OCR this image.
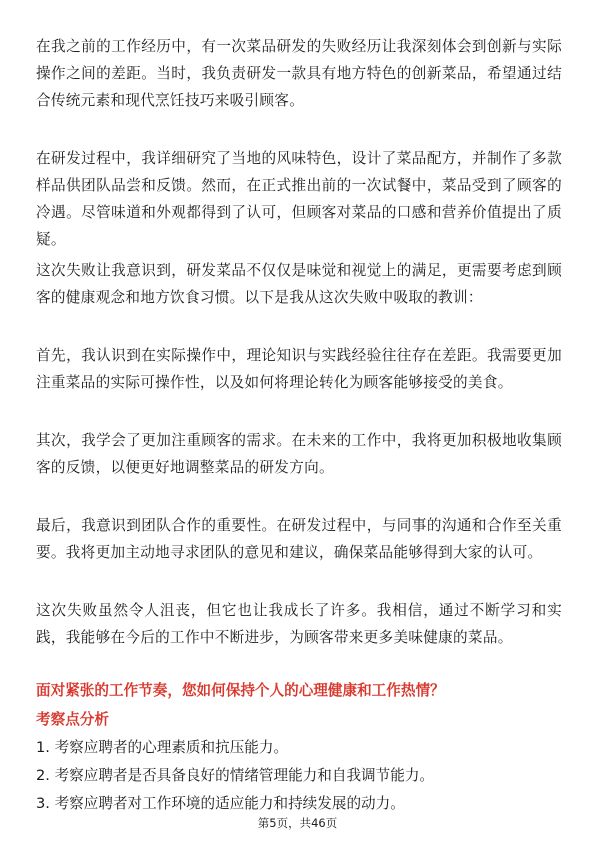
在我之前的工作经历中，有一次菜品研发的失败经历让我深刻体会到创新与实际操作之间的差距。当时，我负责研发一款具有地方特色的创新菜品，希望通过结合传统元素和现代烹饪技巧来吸引顾客。

在研发过程中，我详细研究了当地的风味特色，设计了菜品配方，并制作了多款样品供团队品尝和反馈。然而，在正式推出前的一次试餐中，菜品受到了顾客的冷遇。尽管味道和外观都得到了认可，但顾客对菜品的口感和营养价值提出了质疑。

这次失败让我意识到，研发菜品不仅仅是味觉和视觉上的满足，更需要考虑到顾客的健康观念和地方饮食习惯。以下是我从这次失败中吸取的教训：

首先，我认识到在实际操作中，理论知识与实践经验往往存在差距。我需要更加注重菜品的实际可操作性，以及如何将理论转化为顾客能够接受的美食。

其次，我学会了更加注重顾客的需求。在未来的工作中，我将更加积极地收集顾客的反馈，以便更好地调整菜品的研发方向。

最后，我意识到团队合作的重要性。在研发过程中，与同事的沟通和合作至关重要。我将更加主动地寻求团队的意见和建议，确保菜品能够得到大家的认可。

这次失败虽然令人沮丧，但它也让我成长了许多。我相信，通过不断学习和实践，我能够在今后的工作中不断进步，为顾客带来更多美味健康的菜品。

面对紧张的工作节奏，您如何保持个人的心理健康和工作热情？

考察点分析

1. 考察应聘者的心理素质和抗压能力。

2. 考察应聘者是否具备良好的情绪管理能力和自我调节能力。

3. 考察应聘者对工作环境的适应能力和持续发展的动力。

第5页，共46页
